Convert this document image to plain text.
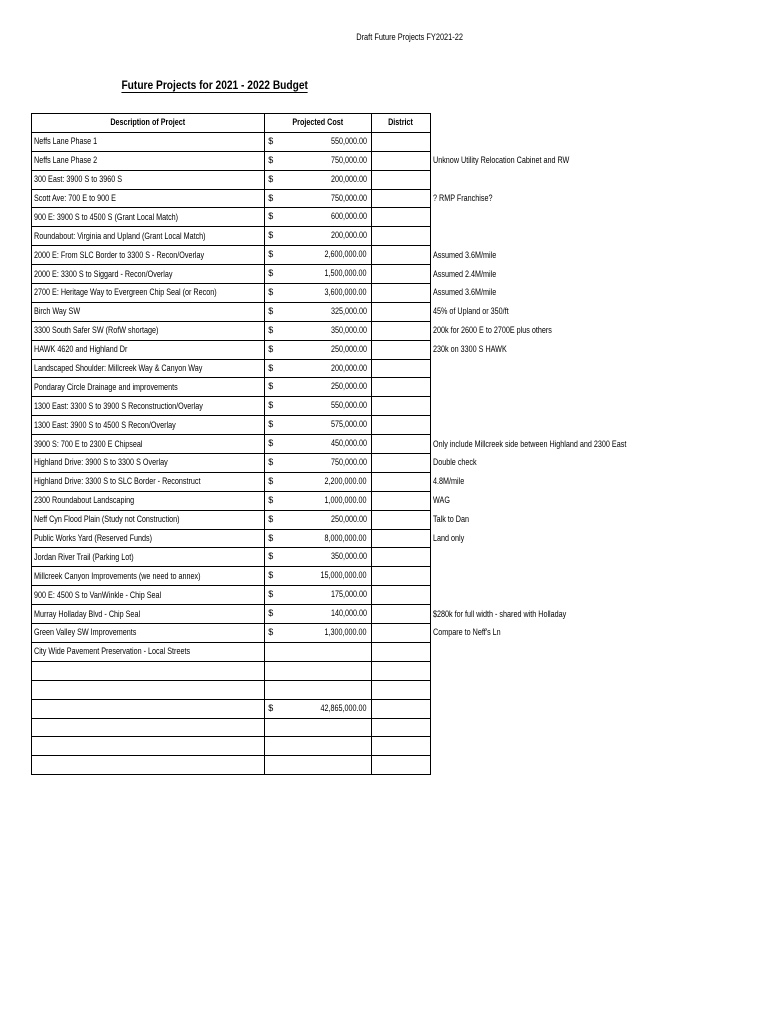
Draft Future Projects FY2021-22
Future Projects for 2021 - 2022 Budget
Description of Project	Projected Cost	District	
Neffs Lane Phase 1	$ 550,000.00		

Neffs Lane Phase 2	$ 750,000.00		Unknow Utility Relocation Cabinet and RW
300 East: 3900 S to 3960 S	$ 200,000.00		

Scott Ave: 700 E to 900 E	$ 750,000.00		? RMP Franchise?
900 E: 3900 S to 4500 S (Grant Local Match)	$ 600,000.00		

Roundabout: Virginia and Upland (Grant Local Match)	$ 200,000.00		

2000 E: From SLC Border to 3300 S - Recon/Overlay	$ 2,600,000.00		Assumed 3.6M/mile
2000 E: 3300 S to Siggard - Recon/Overlay	$ 1,500,000.00		Assumed 2.4M/mile
2700 E: Heritage Way to Evergreen Chip Seal (or Recon)	$ 3,600,000.00		Assumed 3.6M/mile
Birch Way SW	$ 325,000.00		45% of Upland or 350/ft
3300 South Safer SW (RofW shortage)	$ 350,000.00		200k for 2600 E to 2700E plus others
HAWK 4620 and Highland Dr	$ 250,000.00		230k on 3300 S HAWK
Landscaped Shoulder: Millcreek Way & Canyon Way	$ 200,000.00		

Pondaray Circle Drainage and improvements	$ 250,000.00		

1300 East: 3300 S to 3900 S Reconstruction/Overlay	$ 550,000.00		

1300 East: 3900 S to 4500 S Recon/Overlay	$ 575,000.00		

3900 S: 700 E to 2300 E Chipseal	$ 450,000.00		Only include Millcreek side between Highland and 2300 East
Highland Drive: 3900 S to 3300 S Overlay	$ 750,000.00		Double check
Highland Drive: 3300 S to SLC Border - Reconstruct	$ 2,200,000.00		4.8M/mile
2300 Roundabout Landscaping	$ 1,000,000.00		WAG
Neff Cyn Flood Plain (Study not Construction)	$ 250,000.00		Talk to Dan
Public Works Yard (Reserved Funds)	$ 8,000,000.00		Land only
Jordan River Trail (Parking Lot)	$ 350,000.00		

Millcreek Canyon Improvements (we need to annex)	$ 15,000,000.00		

900 E: 4500 S to VanWinkle - Chip Seal	$ 175,000.00		

Murray Holladay Blvd - Chip Seal	$ 140,000.00		$280k for full width - shared with Holladay
Green Valley SW Improvements	$ 1,300,000.00		Compare to Neff's Ln
City Wide Pavement Preservation - Local Streets			

	$ 42,865,000.00		
